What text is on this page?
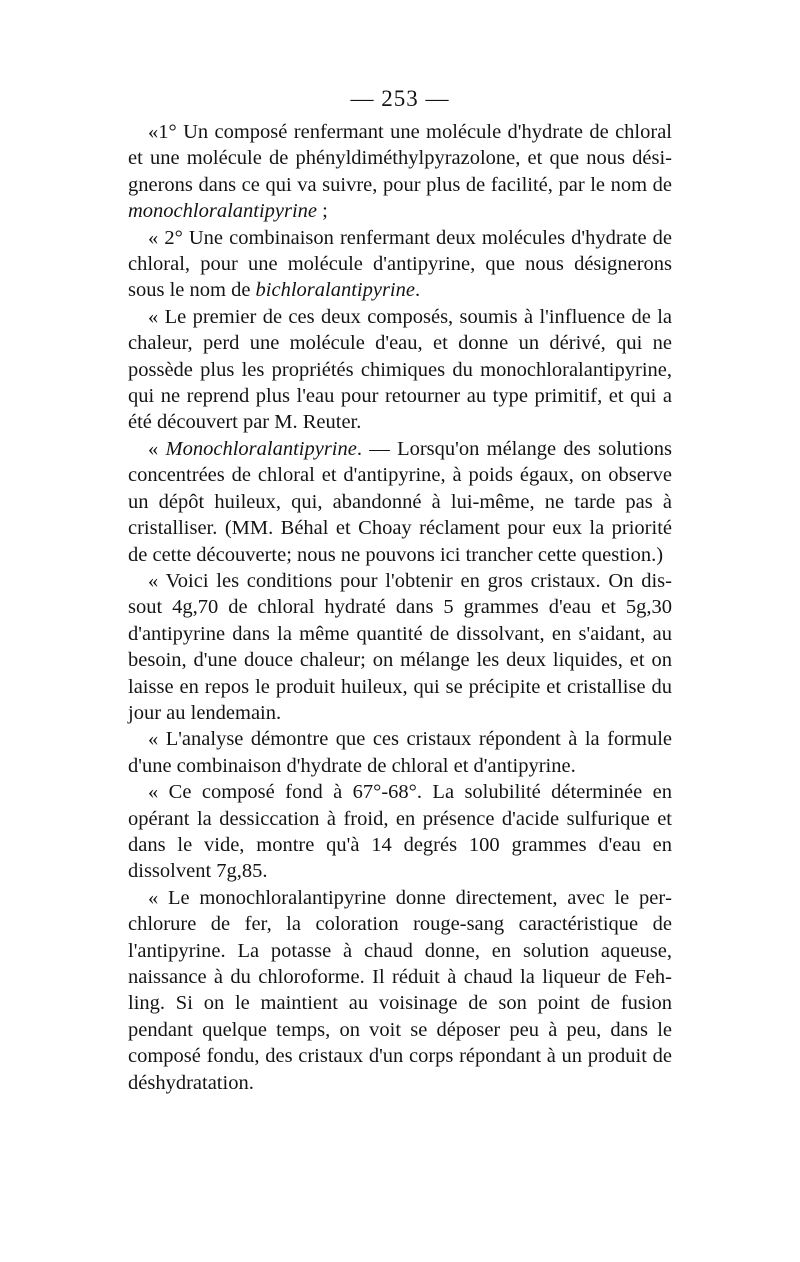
— 253 —

«1° Un composé renfermant une molécule d'hydrate de chloral et une molécule de phényldiméthylpyrazolone, et que nous désignerons dans ce qui va suivre, pour plus de facilité, par le nom de monochloralantipyrine ;

« 2° Une combinaison renfermant deux molécules d'hydrate de chloral, pour une molécule d'antipyrine, que nous désignerons sous le nom de bichloralantipyrine.

« Le premier de ces deux composés, soumis à l'influence de la chaleur, perd une molécule d'eau, et donne un dérivé, qui ne possède plus les propriétés chimiques du monochloralantipyrine, qui ne reprend plus l'eau pour retourner au type primitif, et qui a été découvert par M. Reuter.

« Monochloralantipyrine. — Lorsqu'on mélange des solutions concentrées de chloral et d'antipyrine, à poids égaux, on observe un dépôt huileux, qui, abandonné à lui-même, ne tarde pas à cristalliser. (MM. Béhal et Choay réclament pour eux la priorité de cette découverte; nous ne pouvons ici trancher cette question.)

« Voici les conditions pour l'obtenir en gros cristaux. On dissout 4g,70 de chloral hydraté dans 5 grammes d'eau et 5g,30 d'antipyrine dans la même quantité de dissolvant, en s'aidant, au besoin, d'une douce chaleur; on mélange les deux liquides, et on laisse en repos le produit huileux, qui se précipite et cristallise du jour au lendemain.

« L'analyse démontre que ces cristaux répondent à la formule d'une combinaison d'hydrate de chloral et d'antipyrine.

« Ce composé fond à 67°-68°. La solubilité déterminée en opérant la dessiccation à froid, en présence d'acide sulfurique et dans le vide, montre qu'à 14 degrés 100 grammes d'eau en dissolvent 7g,85.

« Le monochloralantipyrine donne directement, avec le perchlorure de fer, la coloration rouge-sang caractéristique de l'antipyrine. La potasse à chaud donne, en solution aqueuse, naissance à du chloroforme. Il réduit à chaud la liqueur de Fehling. Si on le maintient au voisinage de son point de fusion pendant quelque temps, on voit se déposer peu à peu, dans le composé fondu, des cristaux d'un corps répondant à un produit de déshydratation.
